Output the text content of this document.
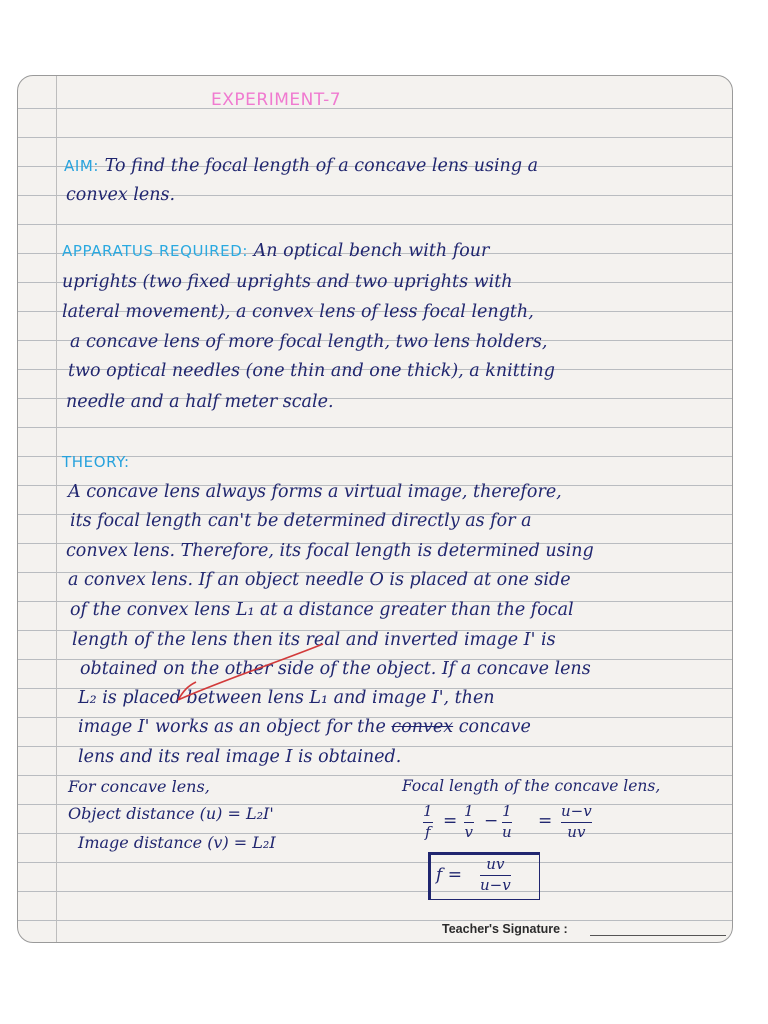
EXPERIMENT-7
AIM: To find the focal length of a concave lens using a
convex lens.
APPARATUS REQUIRED: An optical bench with four
uprights (two fixed uprights and two uprights with
lateral movement), a convex lens of less focal length,
a concave lens of more focal length, two lens holders,
two optical needles (one thin and one thick), a knitting
needle and a half meter scale.
THEORY:
A concave lens always forms a virtual image, therefore,
its focal length can't be determined directly as for a
convex lens. Therefore, its focal length is determined using
a convex lens. If an object needle O is placed at one side
of the convex lens L₁ at a distance greater than the focal
length of the lens then its real and inverted image I' is
obtained on the other side of the object. If a concave lens
L₂ is placed between lens L₁ and image I', then
image I' works as an object for the convex concave
lens and its real image I is obtained.
For concave lens,
Object distance (u) = L₂I'
Image distance (v) = L₂I
Focal length of the concave lens,
1
f
= 1
v
− 1
u
= u−v
uv
f =
uv
u−v
Teacher's Signature :
